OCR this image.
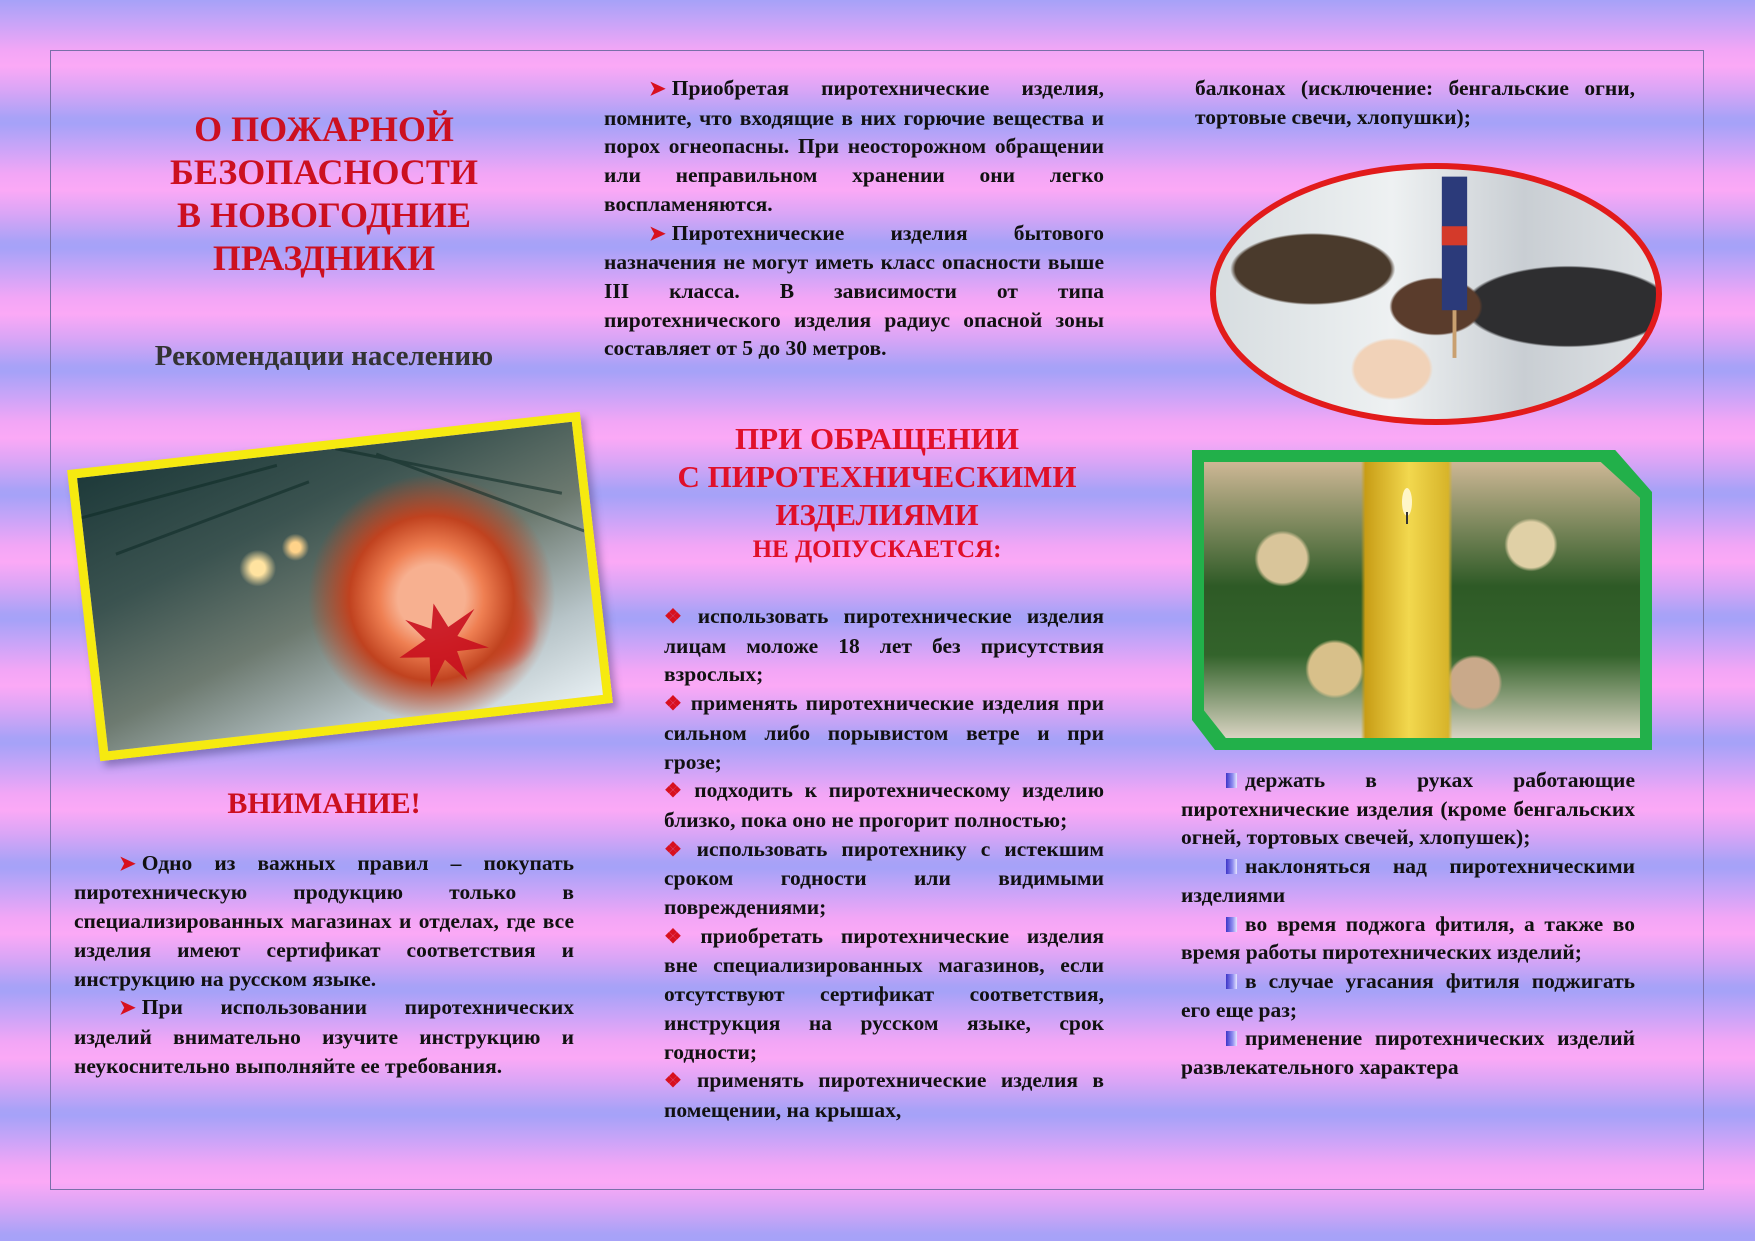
О ПОЖАРНОЙ
БЕЗОПАСНОСТИ
В НОВОГОДНИЕ
ПРАЗДНИКИ
Рекомендации населению
ВНИМАНИЕ!

➤ Одно из важных правил – покупать пиротехническую продукцию только в специализированных магазинах и отделах, где все изделия имеют сертификат соответствия и инструкцию на русском языке.

➤ При использовании пиротехнических изделий внимательно изучите инструкцию и неукоснительно выполняйте ее требования.

➤ Приобретая пиротехнические изделия, помните, что входящие в них горючие вещества и порох огнеопасны. При неосторожном обращении или неправильном хранении они легко воспламеняются.

➤ Пиротехнические изделия бытового назначения не могут иметь класс опасности выше III класса. В зависимости от типа пиротехнического изделия радиус опасной зоны составляет от 5 до 30 метров.

ПРИ ОБРАЩЕНИИ
С ПИРОТЕХНИЧЕСКИМИ
ИЗДЕЛИЯМИ
НЕ ДОПУСКАЕТСЯ:

❖ использовать пиротехнические изделия лицам моложе 18 лет без присутствия взрослых;

❖ применять пиротехнические изделия при сильном либо порывистом ветре и при грозе;

❖ подходить к пиротехническому изделию близко, пока оно не прогорит полностью;

❖ использовать пиротехнику с истекшим сроком годности или видимыми повреждениями;

❖ приобретать пиротехнические изделия вне специализированных магазинов, если отсутствуют сертификат соответствия, инструкция на русском языке, срок годности;

❖ применять пиротехнические изделия в помещении, на крышах,

балконах (исключение: бенгальские огни, тортовые свечи, хлопушки);

держать в руках работающие пиротехнические изделия (кроме бенгальских огней, тортовых свечей, хлопушек);

наклоняться над пиротехническими изделиями

во время поджога фитиля, а также во время работы пиротехнических изделий;

в случае угасания фитиля поджигать его еще раз;

применение пиротехнических изделий развлекательного характера
